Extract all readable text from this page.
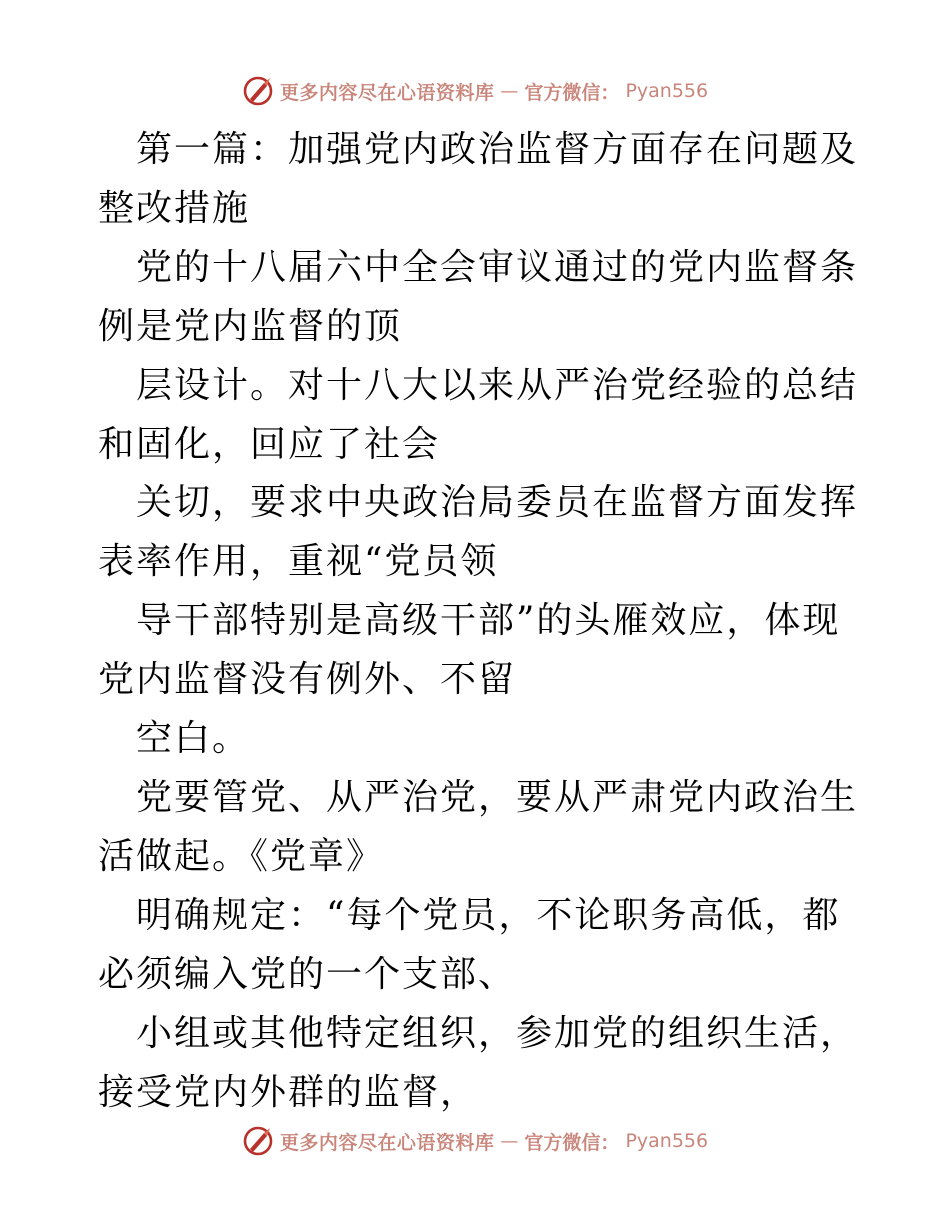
更多内容尽在心语资料库 — 官方微信： Pyan556

第一篇：加强党内政治监督方面存在问题及整改措施

党的十八届六中全会审议通过的党内监督条例是党内监督的顶

层设计。对十八大以来从严治党经验的总结和固化，回应了社会

关切，要求中央政治局委员在监督方面发挥表率作用，重视“党员领

导干部特别是高级干部”的头雁效应，体现党内监督没有例外、不留

空白。

党要管党、从严治党，要从严肃党内政治生活做起。《党章》

明确规定：“每个党员，不论职务高低，都必须编入党的一个支部、

小组或其他特定组织，参加党的组织生活，接受党内外群的监督，

更多内容尽在心语资料库 — 官方微信： Pyan556
